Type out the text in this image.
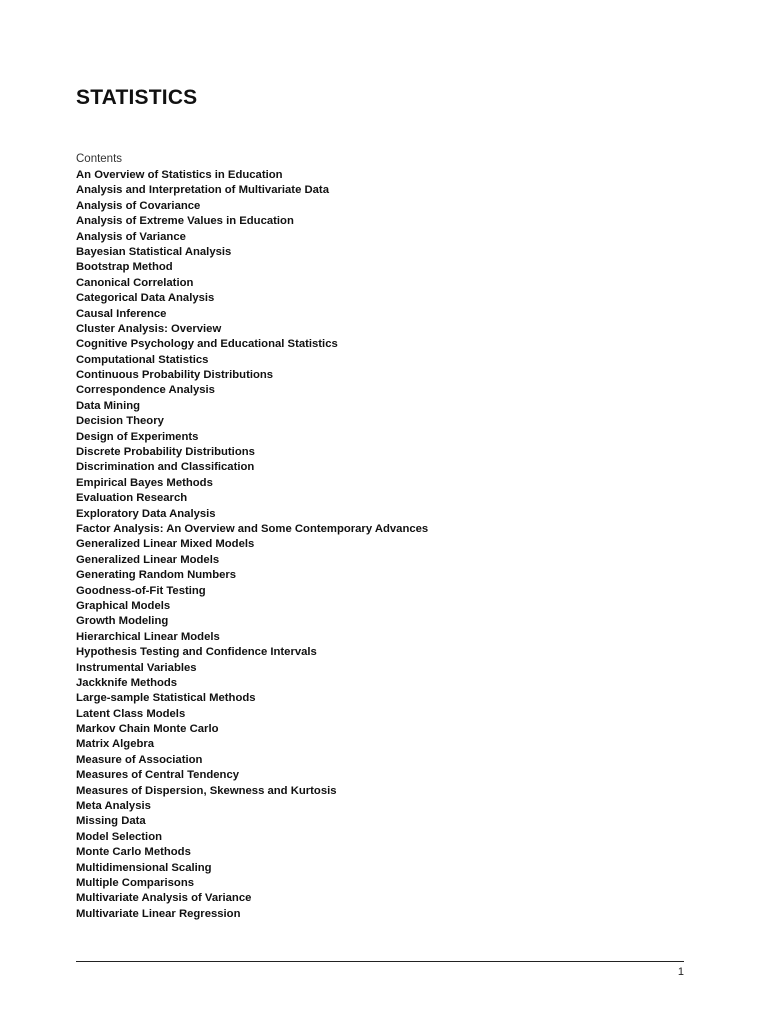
STATISTICS
Contents
An Overview of Statistics in Education
Analysis and Interpretation of Multivariate Data
Analysis of Covariance
Analysis of Extreme Values in Education
Analysis of Variance
Bayesian Statistical Analysis
Bootstrap Method
Canonical Correlation
Categorical Data Analysis
Causal Inference
Cluster Analysis: Overview
Cognitive Psychology and Educational Statistics
Computational Statistics
Continuous Probability Distributions
Correspondence Analysis
Data Mining
Decision Theory
Design of Experiments
Discrete Probability Distributions
Discrimination and Classification
Empirical Bayes Methods
Evaluation Research
Exploratory Data Analysis
Factor Analysis: An Overview and Some Contemporary Advances
Generalized Linear Mixed Models
Generalized Linear Models
Generating Random Numbers
Goodness-of-Fit Testing
Graphical Models
Growth Modeling
Hierarchical Linear Models
Hypothesis Testing and Confidence Intervals
Instrumental Variables
Jackknife Methods
Large-sample Statistical Methods
Latent Class Models
Markov Chain Monte Carlo
Matrix Algebra
Measure of Association
Measures of Central Tendency
Measures of Dispersion, Skewness and Kurtosis
Meta Analysis
Missing Data
Model Selection
Monte Carlo Methods
Multidimensional Scaling
Multiple Comparisons
Multivariate Analysis of Variance
Multivariate Linear Regression
1
